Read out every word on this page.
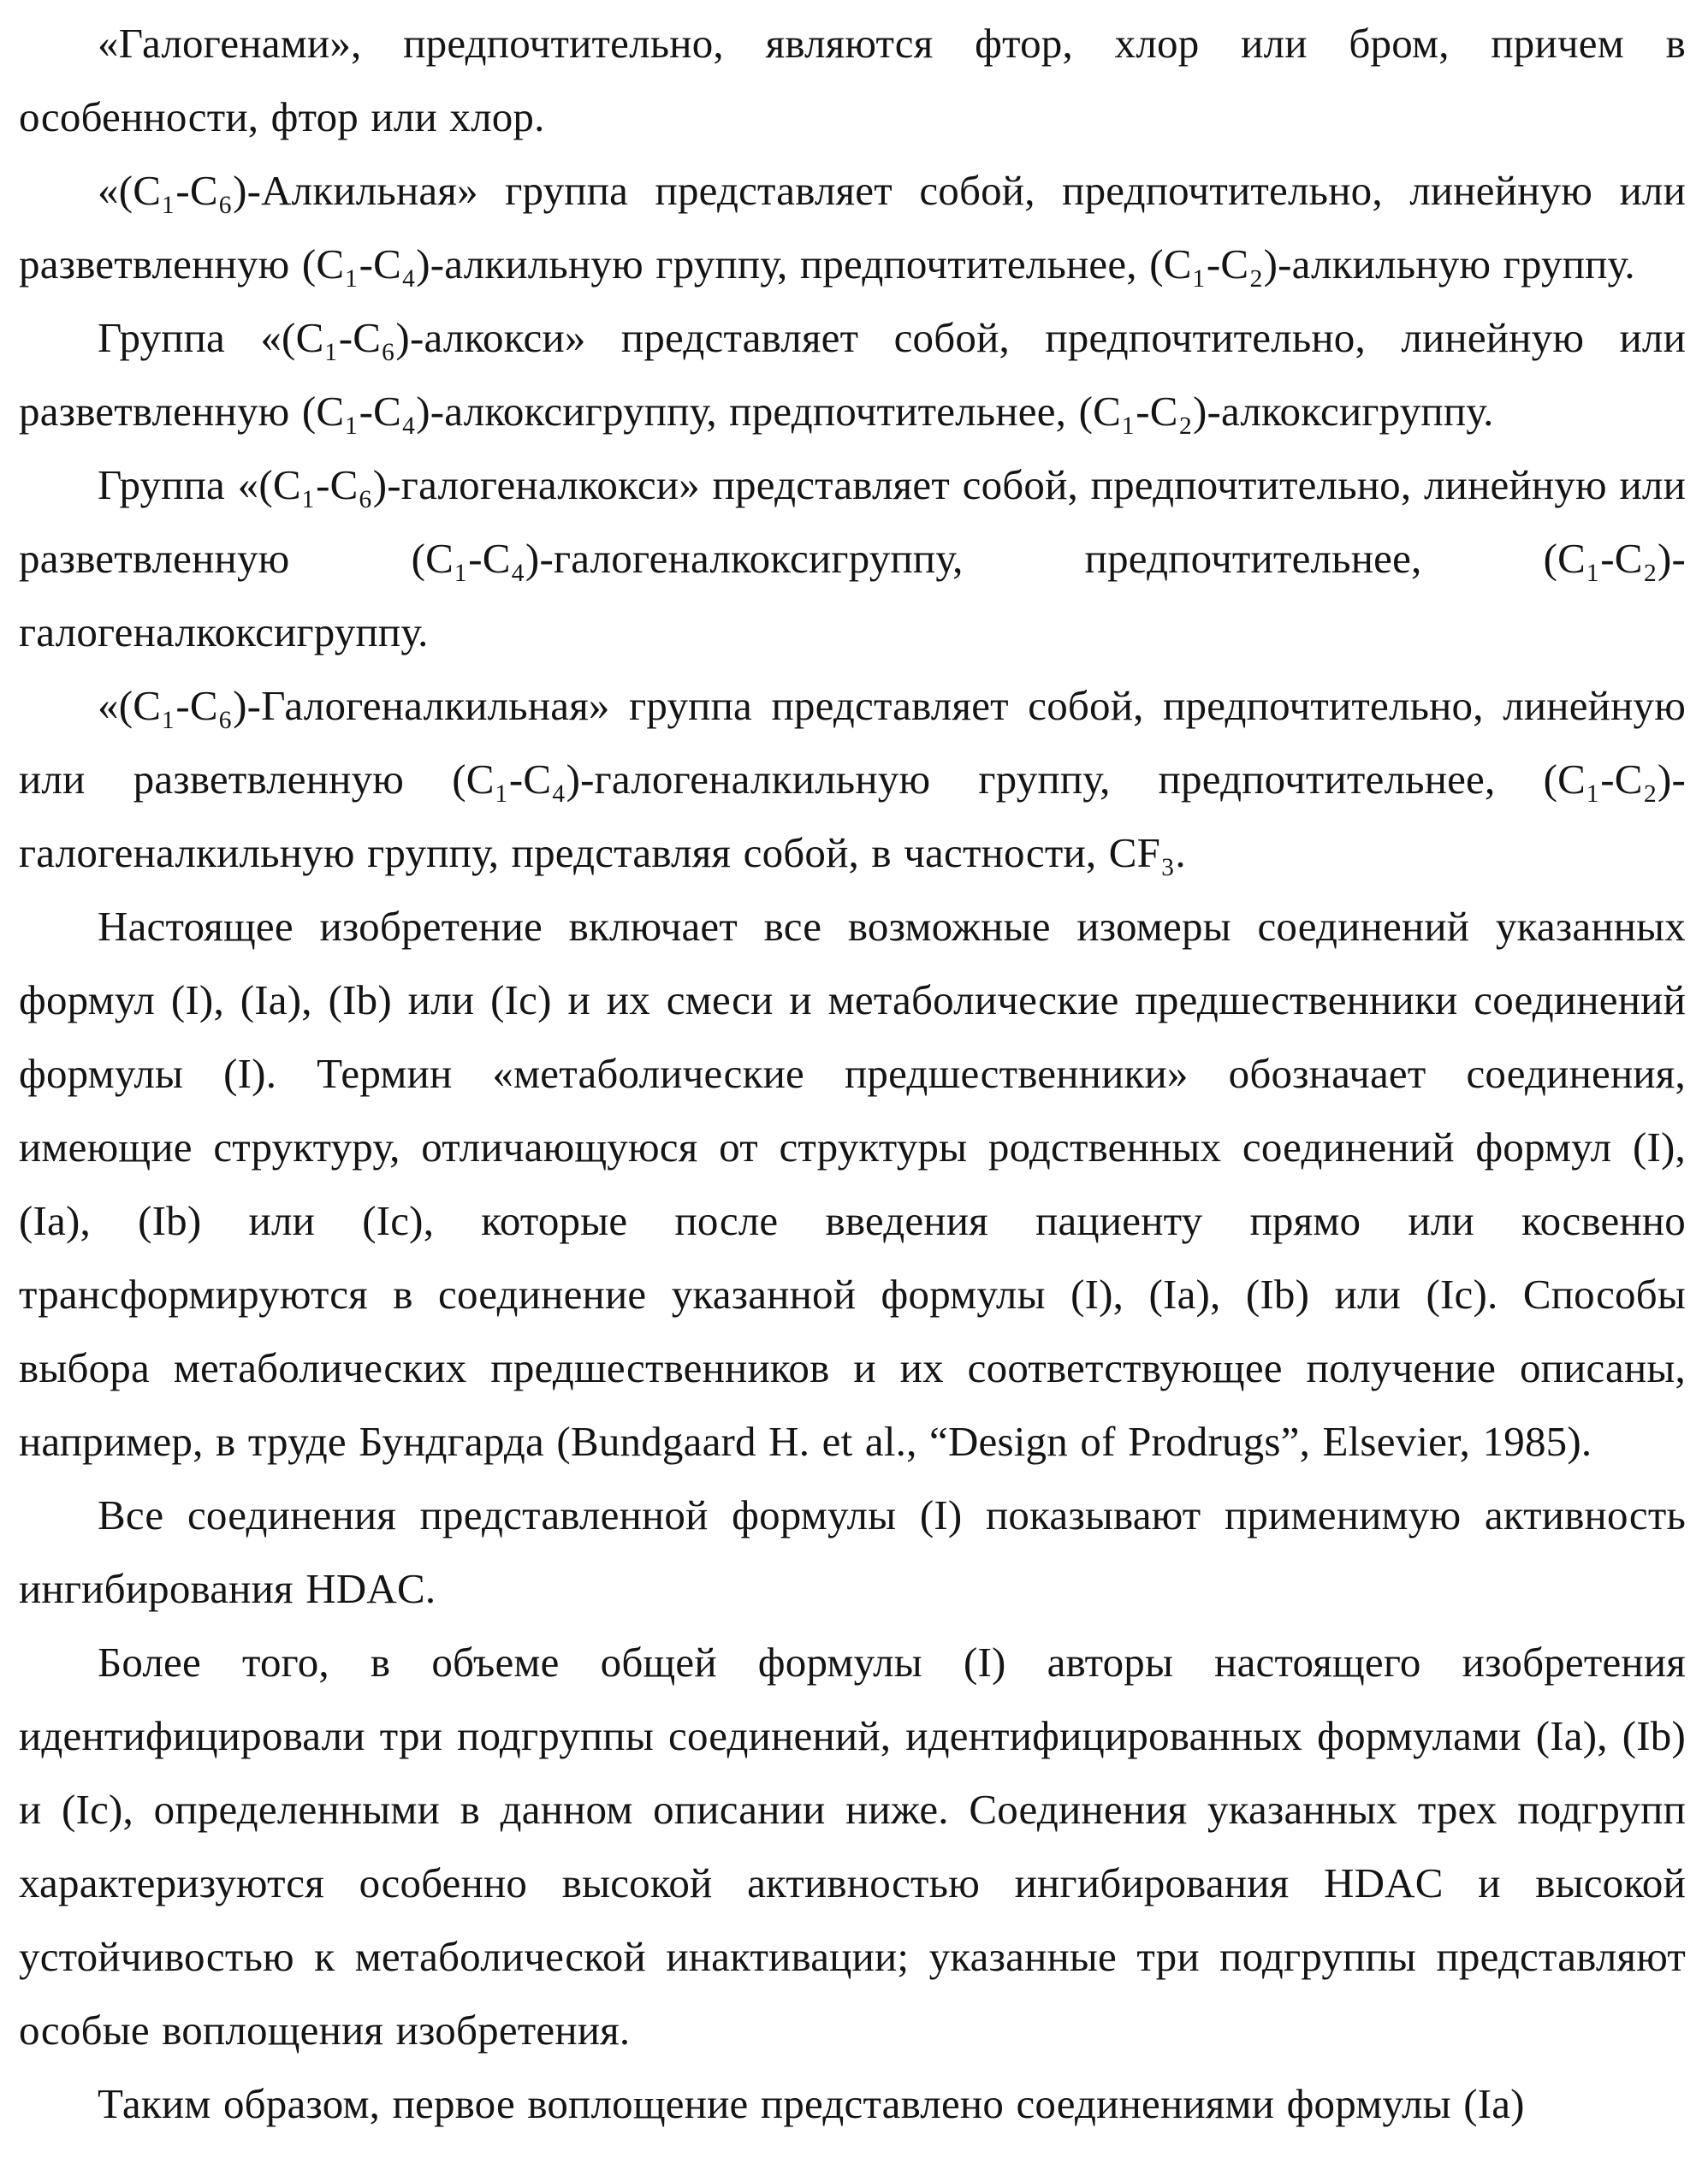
«Галогенами», предпочтительно, являются фтор, хлор или бром, причем в особенности, фтор или хлор.

«(C₁-C₆)-Алкильная» группа представляет собой, предпочтительно, линейную или разветвленную (C₁-C₄)-алкильную группу, предпочтительнее, (C₁-C₂)-алкильную группу.

Группа «(C₁-C₆)-алкокси» представляет собой, предпочтительно, линейную или разветвленную (C₁-C₄)-алкоксигруппу, предпочтительнее, (C₁-C₂)-алкоксигруппу.

Группа «(C₁-C₆)-галогеналкокси» представляет собой, предпочтительно, линейную или разветвленную (C₁-C₄)-галогеналкоксигруппу, предпочтительнее, (C₁-C₂)-галогеналкоксигруппу.

«(C₁-C₆)-Галогеналкильная» группа представляет собой, предпочтительно, линейную или разветвленную (C₁-C₄)-галогеналкильную группу, предпочтительнее, (C₁-C₂)-галогеналкильную группу, представляя собой, в частности, CF₃.

Настоящее изобретение включает все возможные изомеры соединений указанных формул (I), (Ia), (Ib) или (Ic) и их смеси и метаболические предшественники соединений формулы (I). Термин «метаболические предшественники» обозначает соединения, имеющие структуру, отличающуюся от структуры родственных соединений формул (I), (Ia), (Ib) или (Ic), которые после введения пациенту прямо или косвенно трансформируются в соединение указанной формулы (I), (Ia), (Ib) или (Ic). Способы выбора метаболических предшественников и их соответствующее получение описаны, например, в труде Бундгарда (Bundgaard H. et al., “Design of Prodrugs”, Elsevier, 1985).

Все соединения представленной формулы (I) показывают применимую активность ингибирования HDAC.

Более того, в объеме общей формулы (I) авторы настоящего изобретения идентифицировали три подгруппы соединений, идентифицированных формулами (Ia), (Ib) и (Ic), определенными в данном описании ниже. Соединения указанных трех подгрупп характеризуются особенно высокой активностью ингибирования HDAC и высокой устойчивостью к метаболической инактивации; указанные три подгруппы представляют особые воплощения изобретения.

Таким образом, первое воплощение представлено соединениями формулы (Ia)
